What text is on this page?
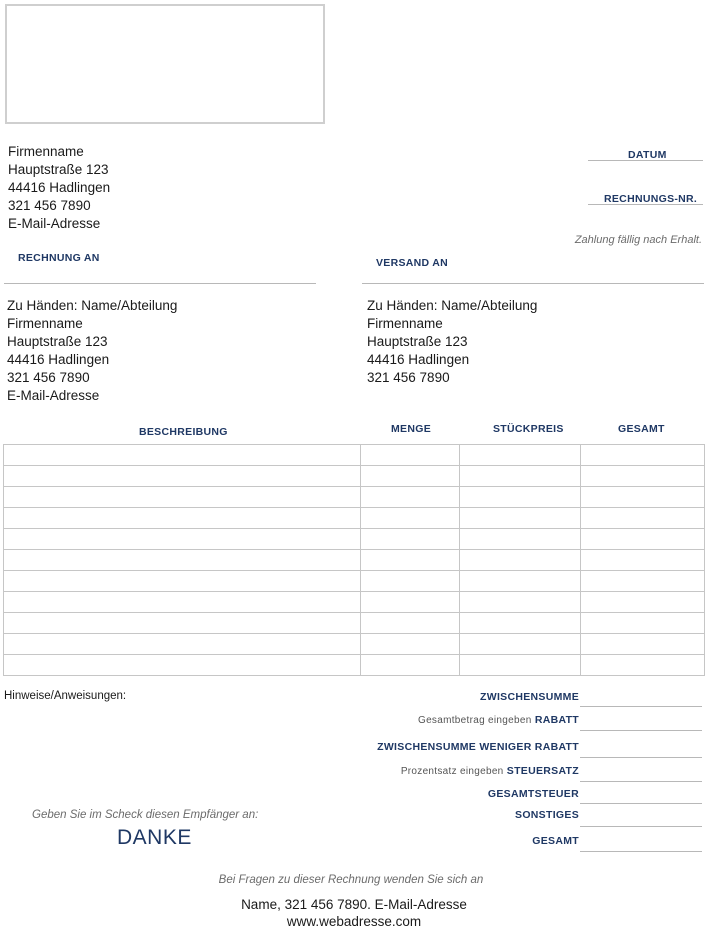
Firmenname
Hauptstraße 123
44416 Hadlingen
321 456 7890
E-Mail-Adresse
DATUM
RECHNUNGS-NR.
Zahlung fällig nach Erhalt.
RECHNUNG AN	VERSAND AN
Zu Händen: Name/Abteilung
Firmenname
Hauptstraße 123
44416 Hadlingen
321 456 7890
E-Mail-Adresse
Zu Händen: Name/Abteilung
Firmenname
Hauptstraße 123
44416 Hadlingen
321 456 7890
BESCHREIBUNG	MENGE	STÜCKPREIS	GESAMT

Hinweise/Anweisungen:	ZWISCHENSUMME
Gesamtbetrag eingeben RABATT
ZWISCHENSUMME WENIGER RABATT
Prozentsatz eingeben STEUERSATZ
GESAMTSTEUER
SONSTIGES
GESAMT
Geben Sie im Scheck diesen Empfänger an:
DANKE
Bei Fragen zu dieser Rechnung wenden Sie sich an
Name, 321 456 7890. E-Mail-Adresse
www.webadresse.com
